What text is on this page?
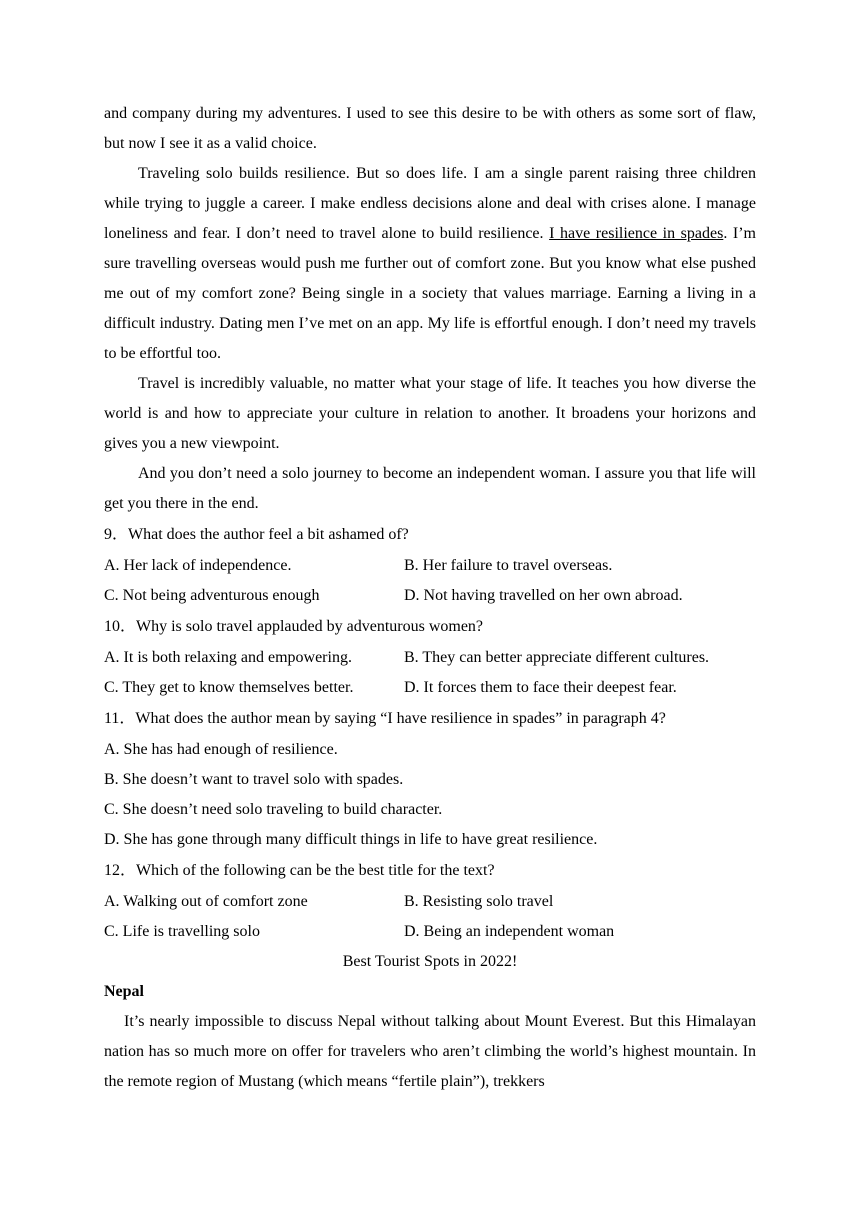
and company during my adventures. I used to see this desire to be with others as some sort of flaw, but now I see it as a valid choice.

Traveling solo builds resilience. But so does life. I am a single parent raising three children while trying to juggle a career. I make endless decisions alone and deal with crises alone. I manage loneliness and fear. I don’t need to travel alone to build resilience. I have resilience in spades. I’m sure travelling overseas would push me further out of comfort zone. But you know what else pushed me out of my comfort zone? Being single in a society that values marriage. Earning a living in a difficult industry. Dating men I’ve met on an app. My life is effortful enough. I don’t need my travels to be effortful too.

Travel is incredibly valuable, no matter what your stage of life. It teaches you how diverse the world is and how to appreciate your culture in relation to another. It broadens your horizons and gives you a new viewpoint.

And you don’t need a solo journey to become an independent woman. I assure you that life will get you there in the end.

9．What does the author feel a bit ashamed of?
A. Her lack of independence.	B. Her failure to travel overseas.
C. Not being adventurous enough	D. Not having travelled on her own abroad.
10．Why is solo travel applauded by adventurous women?
A. It is both relaxing and empowering.	B. They can better appreciate different cultures.
C. They get to know themselves better.	D. It forces them to face their deepest fear.
11．What does the author mean by saying “I have resilience in spades” in paragraph 4?
A. She has had enough of resilience.
B. She doesn’t want to travel solo with spades.
C. She doesn’t need solo traveling to build character.
D. She has gone through many difficult things in life to have great resilience.
12．Which of the following can be the best title for the text?
A. Walking out of comfort zone	B. Resisting solo travel
C. Life is travelling solo	D. Being an independent woman
Best Tourist Spots in 2022!
Nepal

It’s nearly impossible to discuss Nepal without talking about Mount Everest. But this Himalayan nation has so much more on offer for travelers who aren’t climbing the world’s highest mountain. In the remote region of Mustang (which means “fertile plain”), trekkers
